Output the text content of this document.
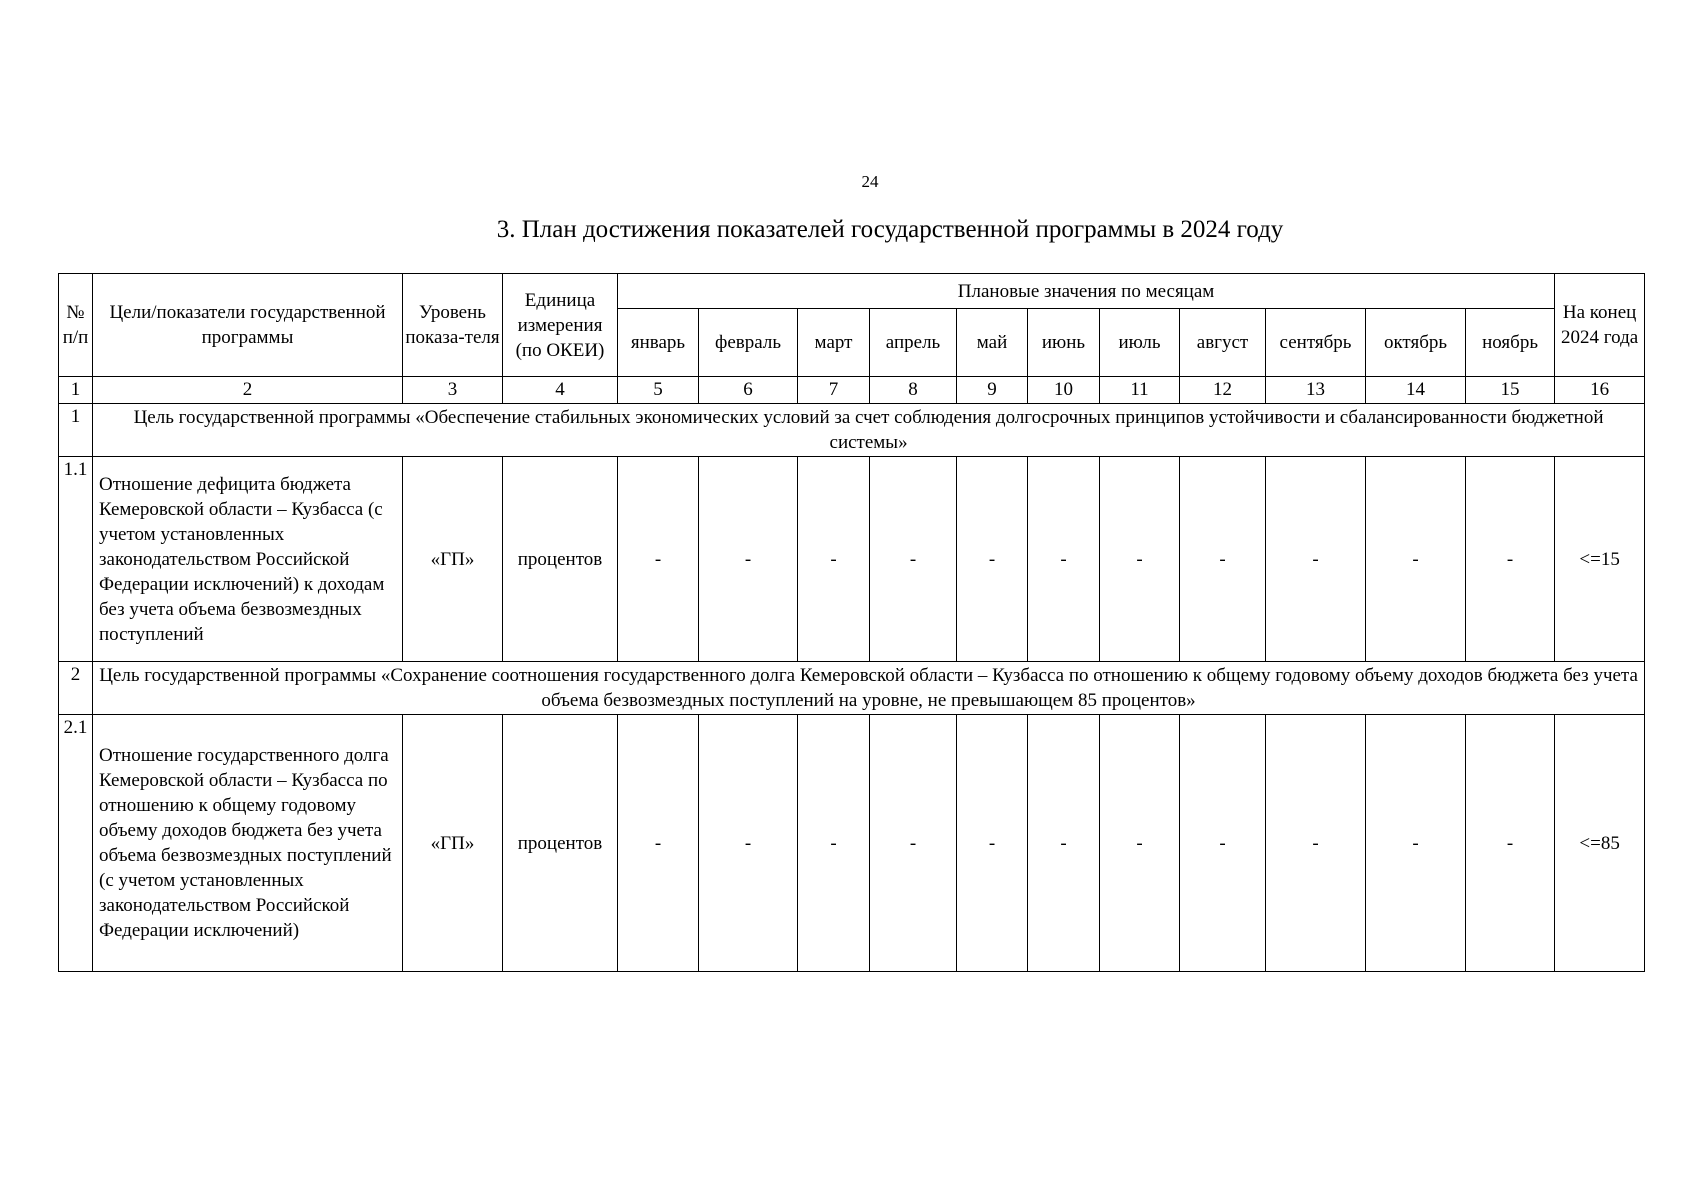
24
3. План достижения показателей государственной программы в 2024 году
№ п/п	Цели/показатели государственной программы	Уровень показа-теля	Единица измерения (по ОКЕИ)	Плановые значения по месяцам											На конец 2024 года
				январь	февраль	март	апрель	май	июнь	июль	август	сентябрь	октябрь	ноябрь	
1	2	3	4	5	6	7	8	9	10	11	12	13	14	15	16
1	Цель государственной программы «Обеспечение стабильных экономических условий за счет соблюдения долгосрочных принципов устойчивости и сбалансированности бюджетной системы»														
1.1	Отношение дефицита бюджета Кемеровской области – Кузбасса (с учетом установленных законодательством Российской Федерации исключений) к доходам без учета объема безвозмездных поступлений	«ГП»	процентов	-	-	-	-	-	-	-	-	-	-	-	<=15
2	Цель государственной программы «Сохранение соотношения государственного долга Кемеровской области – Кузбасса по отношению к общему годовому объему доходов бюджета без учета объема безвозмездных поступлений на уровне, не превышающем 85 процентов»														
2.1	Отношение государственного долга Кемеровской области – Кузбасса по отношению к общему годовому объему доходов бюджета без учета объема безвозмездных поступлений (с учетом установленных законодательством Российской Федерации исключений)	«ГП»	процентов	-	-	-	-	-	-	-	-	-	-	-	<=85
